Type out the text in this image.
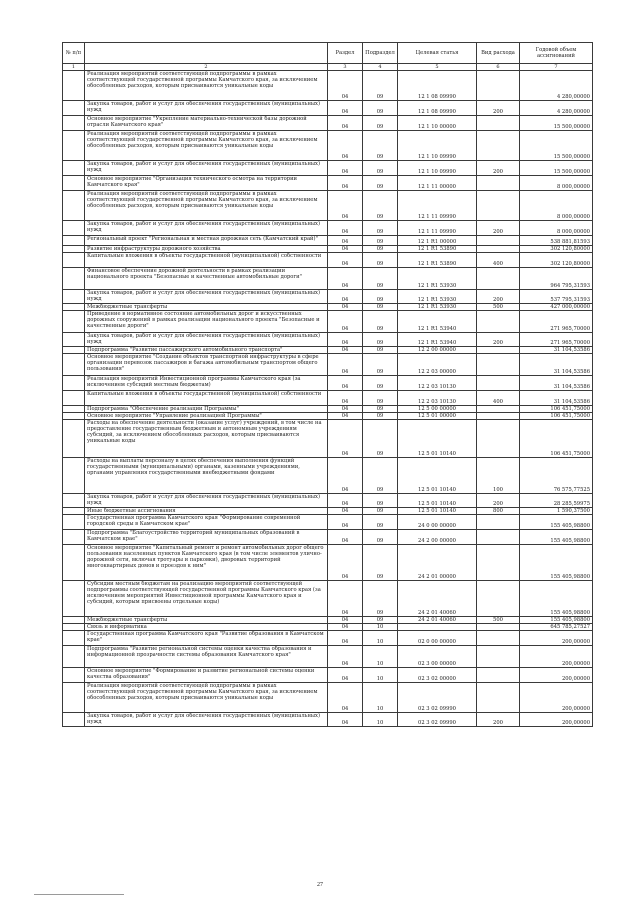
№ п/п		Раздел	Подраздел	Целевая статья	Вид расхода	Годовой объем ассигнований
1	2	3	4	5	6	7
	Реализация мероприятий соответствующей подпрограммы в рамках соответствующей государственной программы Камчатского края, за исключением обособленных расходов, которым присваиваются уникальные коды	04	09	12 1 08 09990		4 280,00000
	Закупка товаров, работ и услуг для обеспечения государственных (муниципальных) нужд	04	09	12 1 08 09990	200	4 280,00000
	Основное мероприятие "Укрепление материально-технической базы дорожной отрасли Камчатского края"	04	09	12 1 10 00000		15 500,00000
	Реализация мероприятий соответствующей подпрограммы в рамках соответствующей государственной программы Камчатского края, за исключением обособленных расходов, которым присваиваются уникальные коды	04	09	12 1 10 09990		15 500,00000
	Закупка товаров, работ и услуг для обеспечения государственных (муниципальных) нужд	04	09	12 1 10 09990	200	15 500,00000
	Основное мероприятие "Организация технического осмотра на территории Камчатского края"	04	09	12 1 11 00000		8 000,00000
	Реализация мероприятий соответствующей подпрограммы в рамках соответствующей государственной программы Камчатского края, за исключением обособленных расходов, которым присваиваются уникальные коды	04	09	12 1 11 09990		8 000,00000
	Закупка товаров, работ и услуг для обеспечения государственных (муниципальных) нужд	04	09	12 1 11 09990	200	8 000,00000
	Региональный проект "Региональная и местная дорожная сеть (Камчатский край)"	04	09	12 1 R1 00000		538 881,81593
	Развитие инфраструктуры дорожного хозяйства	04	09	12 1 R1 53890		302 120,80000
	Капитальные вложения в объекты государственной (муниципальной) собственности	04	09	12 1 R1 53890	400	302 120,80000
	Финансовое обеспечение дорожной деятельности в рамках реализации национального проекта "Безопасные и качественные автомобильные дороги"	04	09	12 1 R1 53930		964 795,31593
	Закупка товаров, работ и услуг для обеспечения государственных (муниципальных) нужд	04	09	12 1 R1 53930	200	537 795,31593
	Межбюджетные трансферты	04	09	12 1 R1 53930	500	427 000,00000
	Приведение в нормативное состояние автомобильных дорог и искусственных дорожных сооружений в рамках реализации национального проекта "Безопасные и качественные дороги"	04	09	12 1 R1 53940		271 965,70000
	Закупка товаров, работ и услуг для обеспечения государственных (муниципальных) нужд	04	09	12 1 R1 53940	200	271 965,70000
	Подпрограмма "Развитие пассажирского автомобильного транспорта"	04	09	12 2 00 00000		31 104,53586
	Основное мероприятие "Создание объектов транспортной инфраструктуры в сфере организации перевозок пассажиров и багажа автомобильным транспортом общего пользования"	04	09	12 2 03 00000		31 104,53586
	Реализация мероприятий Инвестиционной программы Камчатского края (за исключением субсидий местным бюджетам)	04	09	12 2 03 10130		31 104,53586
	Капитальные вложения в объекты государственной (муниципальной) собственности	04	09	12 2 03 10130	400	31 104,53586
	Подпрограмма "Обеспечение реализации Программы"	04	09	12 5 00 00000		106 451,75000
	Основное мероприятие "Управление реализацией Программы"	04	09	12 5 01 00000		106 451,75000
	Расходы на обеспечение деятельности (оказание услуг) учреждений, в том числе на предоставление государственным бюджетным и автономным учреждениям субсидий, за исключением обособленных расходов, которым присваиваются уникальные коды	04	09	12 5 01 10140		106 451,75000
	Расходы на выплаты персоналу в целях обеспечения выполнения функций государственными (муниципальными) органами, казенными учреждениями, органами управления государственными внебюджетными фондами	04	09	12 5 01 10140	100	76 575,77525
	Закупка товаров, работ и услуг для обеспечения государственных (муниципальных) нужд	04	09	12 5 01 10140	200	28 285,59975
	Иные бюджетные ассигнования	04	09	12 5 01 10140	800	1 590,37500
	Государственная программа Камчатского края "Формирование современной городской среды в Камчатском крае"	04	09	24 0 00 00000		155 405,98800
	Подпрограмма "Благоустройство территорий муниципальных образований в Камчатском крае"	04	09	24 2 00 00000		155 405,98800
	Основное мероприятие "Капитальный ремонт и ремонт автомобильных дорог общего пользования населенных пунктов Камчатского края (в том числе элементов улично-дорожной сети, включая тротуары и парковки), дворовых территорий многоквартирных домов и проездов к ним"	04	09	24 2 01 00000		155 405,98800
	Субсидии местным бюджетам на реализацию мероприятий соответствующей подпрограммы соответствующей государственной программы Камчатского края (за исключением мероприятий Инвестиционной программы Камчатского края и субсидий, которым присвоены отдельные коды)	04	09	24 2 01 40060		155 405,98800
	Межбюджетные трансферты	04	09	24 2 01 40060	500	155 405,98800
	Связь и информатика	04	10			645 785,27527
	Государственная программа Камчатского края "Развитие образования в Камчатском крае"	04	10	02 0 00 00000		200,00000
	Подпрограмма "Развитие региональной системы оценки качества образования и информационной прозрачности системы образования Камчатского края"	04	10	02 3 00 00000		200,00000
	Основное мероприятие "Формирование и развитие региональной системы оценки качества образования"	04	10	02 3 02 00000		200,00000
	Реализация мероприятий соответствующей подпрограммы в рамках соответствующей государственной программы Камчатского края, за исключением обособленных расходов, которым присваиваются уникальные коды	04	10	02 3 02 09990		200,00000
	Закупка товаров, работ и услуг для обеспечения государственных (муниципальных) нужд	04	10	02 3 02 09990	200	200,00000
27
